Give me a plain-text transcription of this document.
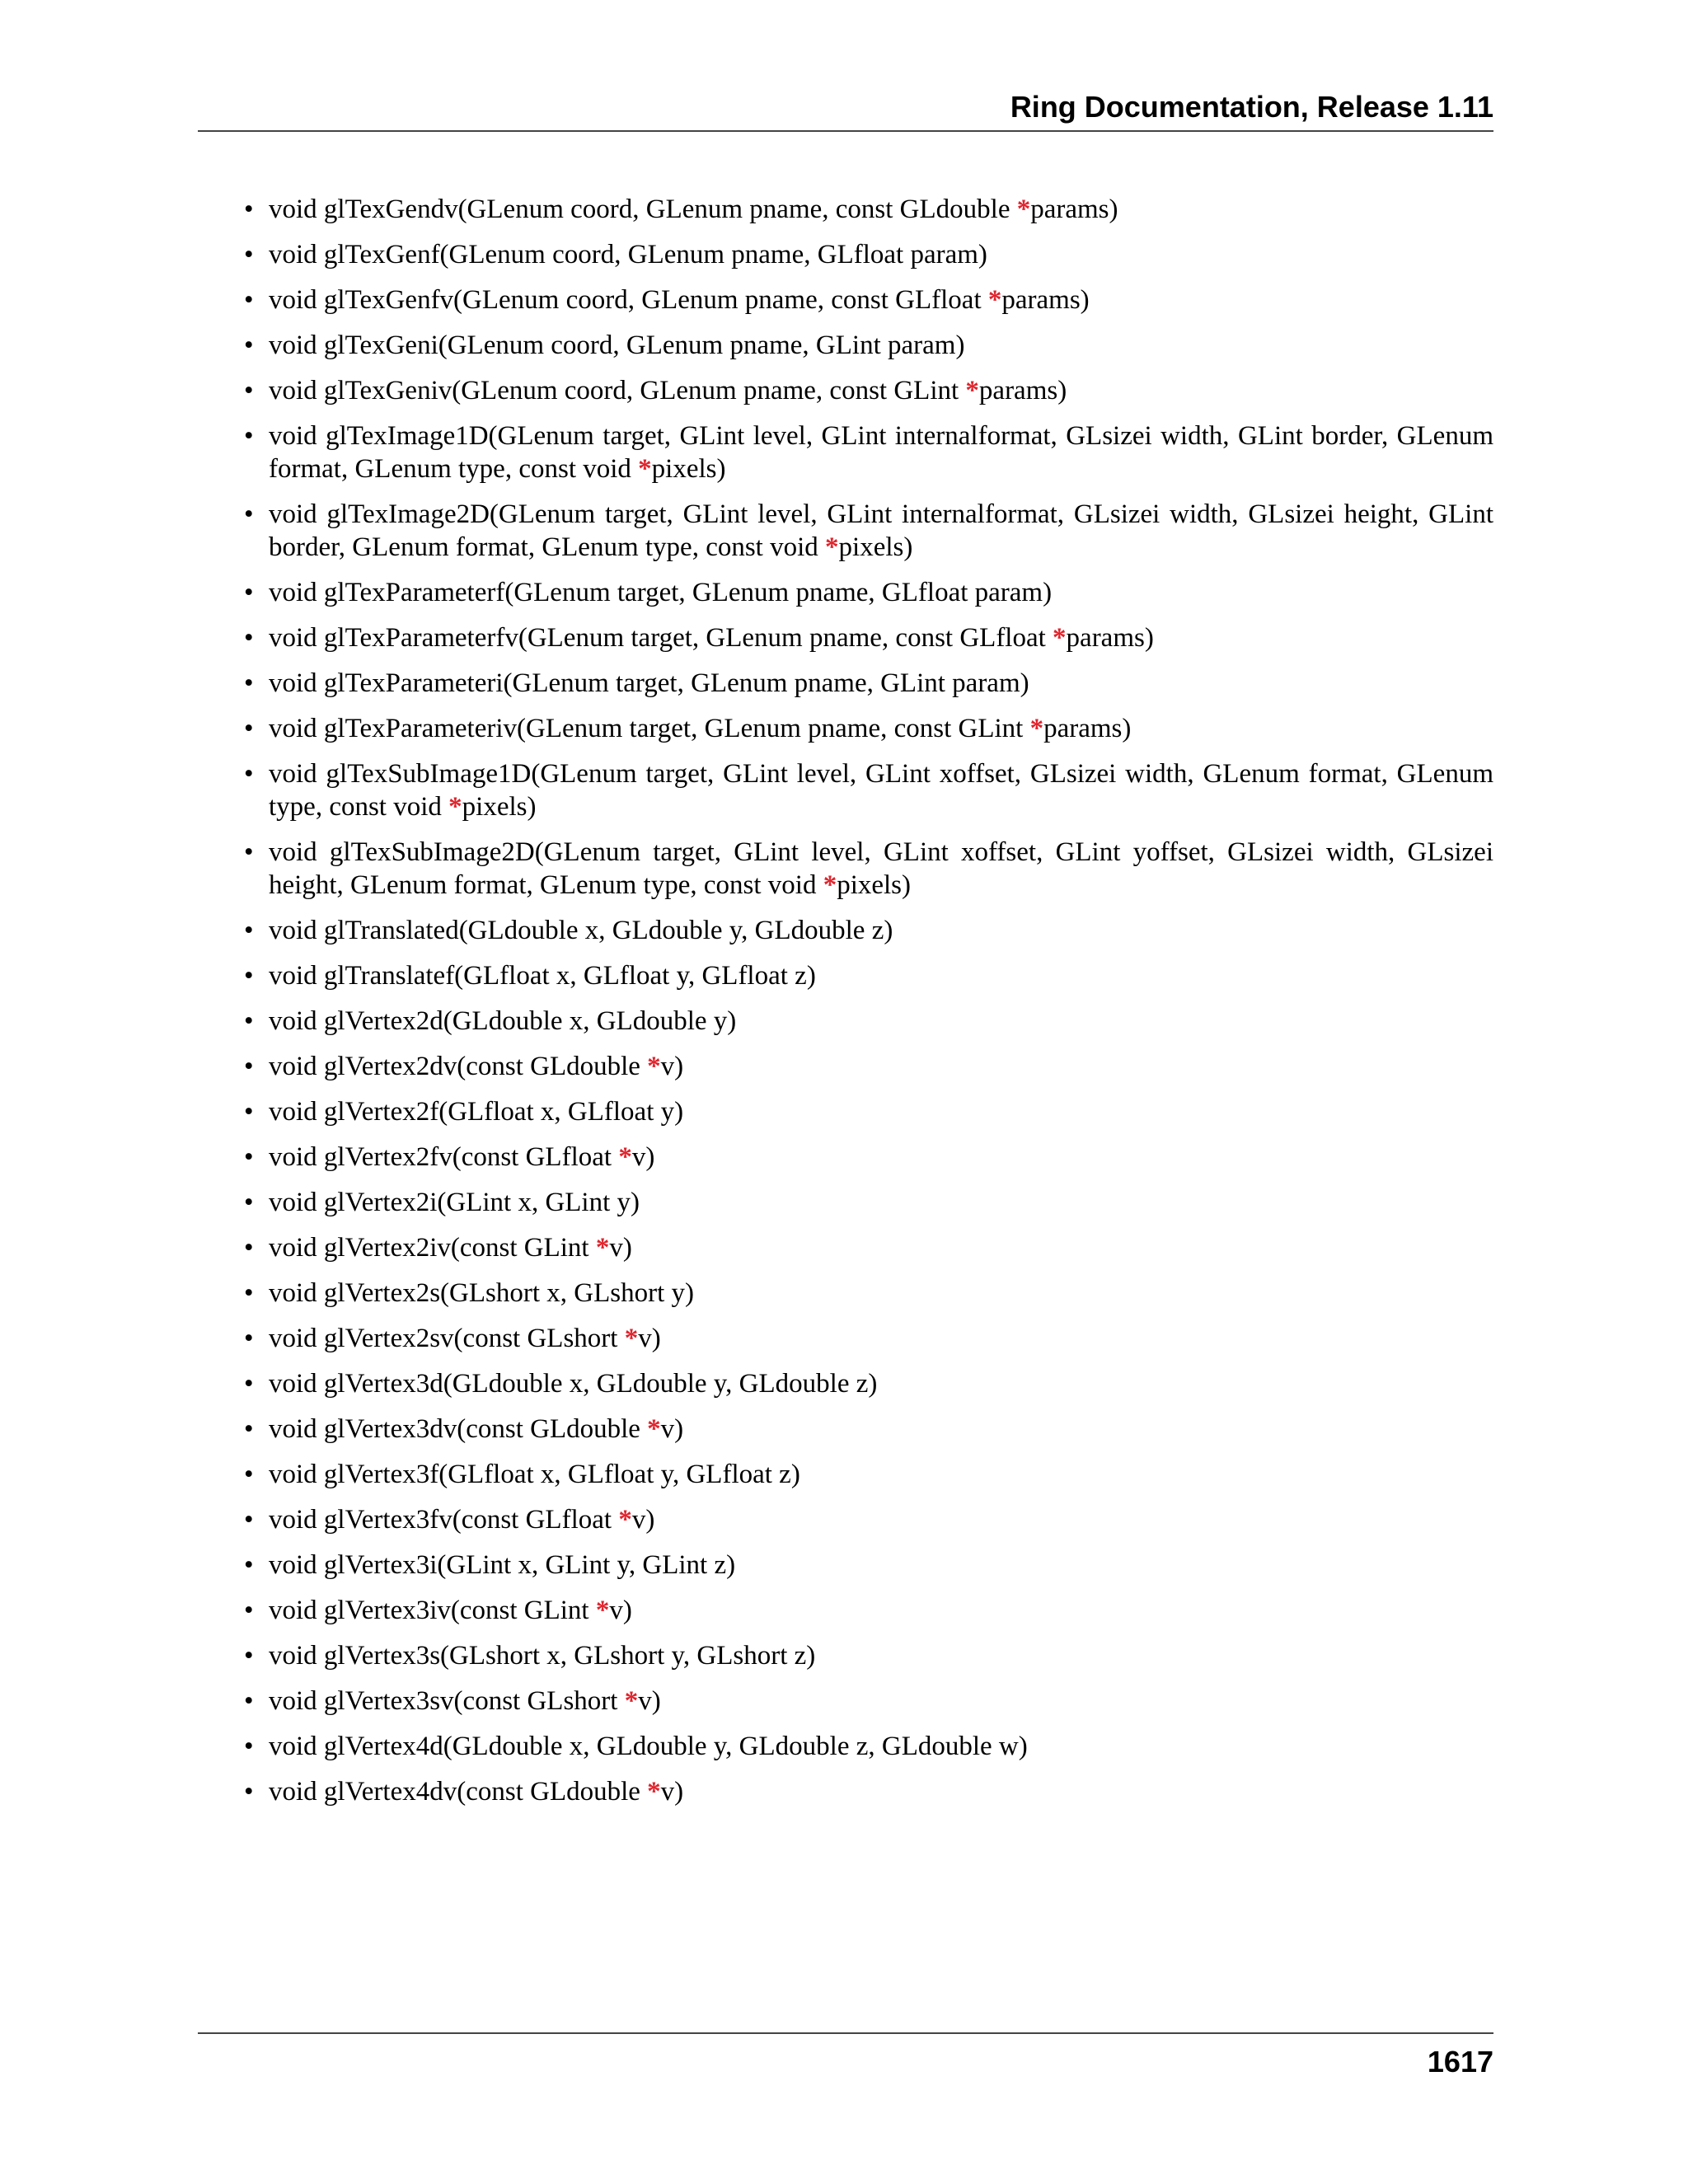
Ring Documentation, Release 1.11
• void glTexGendv(GLenum coord, GLenum pname, const GLdouble *params)
• void glTexGenf(GLenum coord, GLenum pname, GLfloat param)
• void glTexGenfv(GLenum coord, GLenum pname, const GLfloat *params)
• void glTexGeni(GLenum coord, GLenum pname, GLint param)
• void glTexGeniv(GLenum coord, GLenum pname, const GLint *params)
• void glTexImage1D(GLenum target, GLint level, GLint internalformat, GLsizei width, GLint border, GLenum format, GLenum type, const void *pixels)
• void glTexImage2D(GLenum target, GLint level, GLint internalformat, GLsizei width, GLsizei height, GLint border, GLenum format, GLenum type, const void *pixels)
• void glTexParameterf(GLenum target, GLenum pname, GLfloat param)
• void glTexParameterfv(GLenum target, GLenum pname, const GLfloat *params)
• void glTexParameteri(GLenum target, GLenum pname, GLint param)
• void glTexParameteriv(GLenum target, GLenum pname, const GLint *params)
• void glTexSubImage1D(GLenum target, GLint level, GLint xoffset, GLsizei width, GLenum format, GLenum type, const void *pixels)
• void glTexSubImage2D(GLenum target, GLint level, GLint xoffset, GLint yoffset, GLsizei width, GLsizei height, GLenum format, GLenum type, const void *pixels)
• void glTranslated(GLdouble x, GLdouble y, GLdouble z)
• void glTranslatef(GLfloat x, GLfloat y, GLfloat z)
• void glVertex2d(GLdouble x, GLdouble y)
• void glVertex2dv(const GLdouble *v)
• void glVertex2f(GLfloat x, GLfloat y)
• void glVertex2fv(const GLfloat *v)
• void glVertex2i(GLint x, GLint y)
• void glVertex2iv(const GLint *v)
• void glVertex2s(GLshort x, GLshort y)
• void glVertex2sv(const GLshort *v)
• void glVertex3d(GLdouble x, GLdouble y, GLdouble z)
• void glVertex3dv(const GLdouble *v)
• void glVertex3f(GLfloat x, GLfloat y, GLfloat z)
• void glVertex3fv(const GLfloat *v)
• void glVertex3i(GLint x, GLint y, GLint z)
• void glVertex3iv(const GLint *v)
• void glVertex3s(GLshort x, GLshort y, GLshort z)
• void glVertex3sv(const GLshort *v)
• void glVertex4d(GLdouble x, GLdouble y, GLdouble z, GLdouble w)
• void glVertex4dv(const GLdouble *v)
1617
